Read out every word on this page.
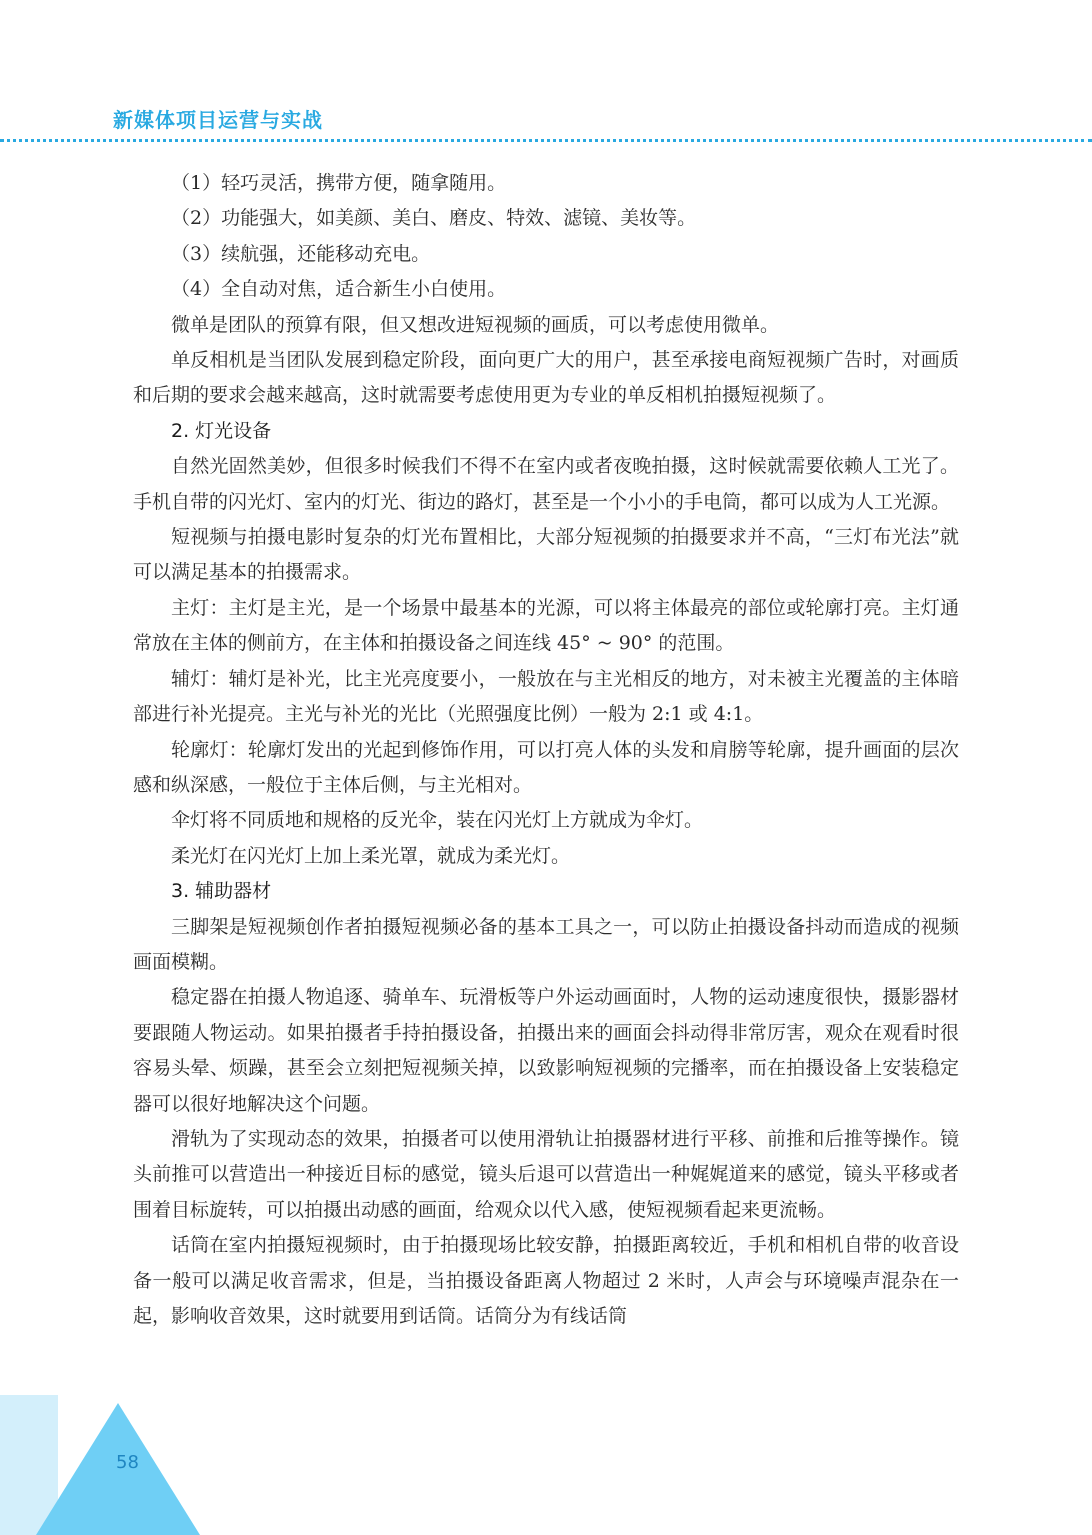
新媒体项目运营与实战

（1）轻巧灵活，携带方便，随拿随用。

（2）功能强大，如美颜、美白、磨皮、特效、滤镜、美妆等。

（3）续航强，还能移动充电。

（4）全自动对焦，适合新生小白使用。

微单是团队的预算有限，但又想改进短视频的画质，可以考虑使用微单。

单反相机是当团队发展到稳定阶段，面向更广大的用户，甚至承接电商短视频广告时，对画质和后期的要求会越来越高，这时就需要考虑使用更为专业的单反相机拍摄短视频了。

2. 灯光设备

自然光固然美妙，但很多时候我们不得不在室内或者夜晚拍摄，这时候就需要依赖人工光了。手机自带的闪光灯、室内的灯光、街边的路灯，甚至是一个小小的手电筒，都可以成为人工光源。

短视频与拍摄电影时复杂的灯光布置相比，大部分短视频的拍摄要求并不高，“三灯布光法”就可以满足基本的拍摄需求。

主灯：主灯是主光，是一个场景中最基本的光源，可以将主体最亮的部位或轮廓打亮。主灯通常放在主体的侧前方，在主体和拍摄设备之间连线 45° ~ 90° 的范围。

辅灯：辅灯是补光，比主光亮度要小，一般放在与主光相反的地方，对未被主光覆盖的主体暗部进行补光提亮。主光与补光的光比（光照强度比例）一般为 2:1 或 4:1。

轮廓灯：轮廓灯发出的光起到修饰作用，可以打亮人体的头发和肩膀等轮廓，提升画面的层次感和纵深感，一般位于主体后侧，与主光相对。

伞灯将不同质地和规格的反光伞，装在闪光灯上方就成为伞灯。

柔光灯在闪光灯上加上柔光罩，就成为柔光灯。

3. 辅助器材

三脚架是短视频创作者拍摄短视频必备的基本工具之一，可以防止拍摄设备抖动而造成的视频画面模糊。

稳定器在拍摄人物追逐、骑单车、玩滑板等户外运动画面时，人物的运动速度很快，摄影器材要跟随人物运动。如果拍摄者手持拍摄设备，拍摄出来的画面会抖动得非常厉害，观众在观看时很容易头晕、烦躁，甚至会立刻把短视频关掉，以致影响短视频的完播率，而在拍摄设备上安装稳定器可以很好地解决这个问题。

滑轨为了实现动态的效果，拍摄者可以使用滑轨让拍摄器材进行平移、前推和后推等操作。镜头前推可以营造出一种接近目标的感觉，镜头后退可以营造出一种娓娓道来的感觉，镜头平移或者围着目标旋转，可以拍摄出动感的画面，给观众以代入感，使短视频看起来更流畅。

话筒在室内拍摄短视频时，由于拍摄现场比较安静，拍摄距离较近，手机和相机自带的收音设备一般可以满足收音需求，但是，当拍摄设备距离人物超过 2 米时，人声会与环境噪声混杂在一起，影响收音效果，这时就要用到话筒。话筒分为有线话筒

58
